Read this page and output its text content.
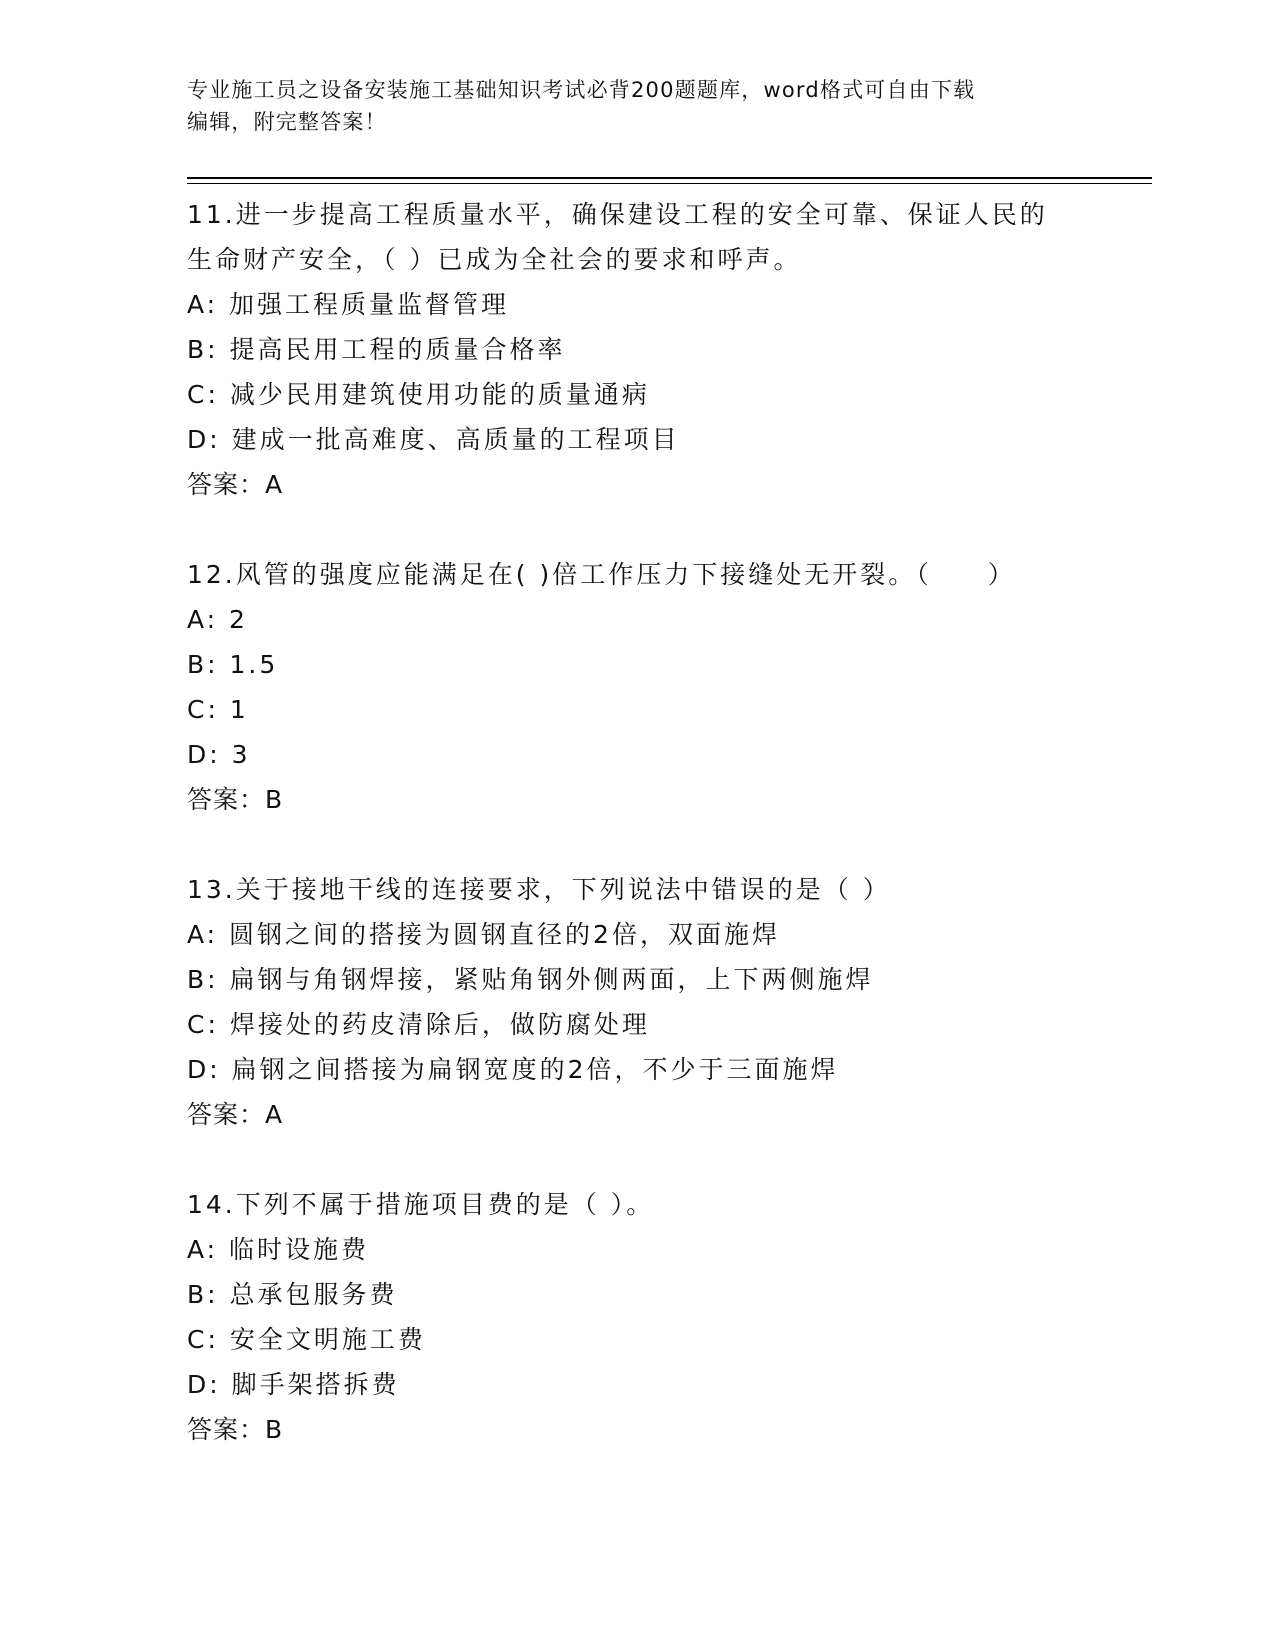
专业施工员之设备安装施工基础知识考试必背200题题库，word格式可自由下载
编辑，附完整答案！
11.进一步提高工程质量水平，确保建设工程的安全可靠、保证人民的
生命财产安全，（ ）已成为全社会的要求和呼声。
A: 加强工程质量监督管理
B: 提高民用工程的质量合格率
C: 减少民用建筑使用功能的质量通病
D: 建成一批高难度、高质量的工程项目
答案：A
12.风管的强度应能满足在( )倍工作压力下接缝处无开裂。（　　）
A: 2
B: 1.5
C: 1
D: 3
答案：B
13.关于接地干线的连接要求，下列说法中错误的是（ ）
A: 圆钢之间的搭接为圆钢直径的2倍，双面施焊
B: 扁钢与角钢焊接，紧贴角钢外侧两面，上下两侧施焊
C: 焊接处的药皮清除后，做防腐处理
D: 扁钢之间搭接为扁钢宽度的2倍，不少于三面施焊
答案：A
14.下列不属于措施项目费的是（ ）。
A: 临时设施费
B: 总承包服务费
C: 安全文明施工费
D: 脚手架搭拆费
答案：B
